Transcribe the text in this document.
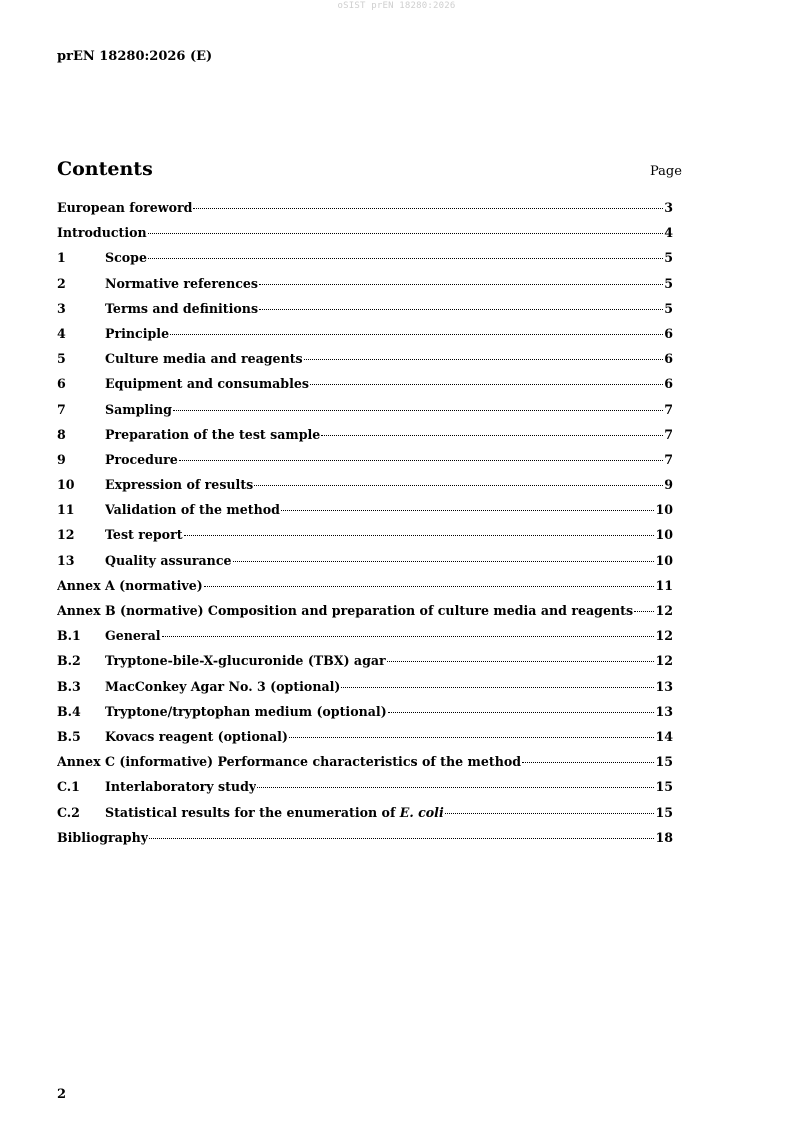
oSIST prEN 18280:2026
prEN 18280:2026 (E)
Contents	Page
European foreword	3
Introduction	4
1	Scope	5
2	Normative references	5
3	Terms and definitions	5
4	Principle	6
5	Culture media and reagents	6
6	Equipment and consumables	6
7	Sampling	7
8	Preparation of the test sample	7
9	Procedure	7
10	Expression of results	9
11	Validation of the method	10
12	Test report	10
13	Quality assurance	10
Annex A (normative)	11
Annex B (normative) Composition and preparation of culture media and reagents 12
B.1	General	12
B.2	Tryptone-bile-X-glucuronide (TBX) agar	12
B.3	MacConkey Agar No. 3 (optional)	13
B.4	Tryptone/tryptophan medium (optional)	13
B.5	Kovacs reagent (optional)	14
Annex C (informative) Performance characteristics of the method	15
C.1	Interlaboratory study	15
C.2	Statistical results for the enumeration of E. coli	15
Bibliography	18
2
